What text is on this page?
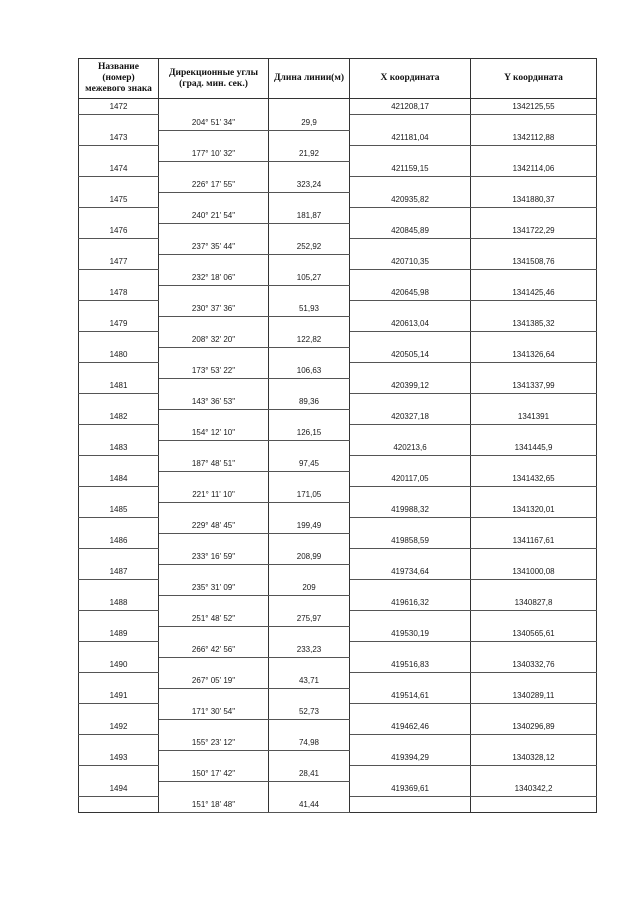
Название (номер) межевого знака	Дирекционные углы (град. мин. сек.)	Длина линии(м)	X координата	Y координата
1472			421208,17	1342125,55
	204° 51' 34"	29,9		
1473			421181,04	1342112,88
	177° 10' 32"	21,92		
1474			421159,15	1342114,06
	226° 17' 55"	323,24		
1475			420935,82	1341880,37
	240° 21' 54"	181,87		
1476			420845,89	1341722,29
	237° 35' 44"	252,92		
1477			420710,35	1341508,76
	232° 18' 06"	105,27		
1478			420645,98	1341425,46
	230° 37' 36"	51,93		
1479			420613,04	1341385,32
	208° 32' 20"	122,82		
1480			420505,14	1341326,64
	173° 53' 22"	106,63		
1481			420399,12	1341337,99
	143° 36' 53"	89,36		
1482			420327,18	1341391
	154° 12' 10"	126,15		
1483			420213,6	1341445,9
	187° 48' 51"	97,45		
1484			420117,05	1341432,65
	221° 11' 10"	171,05		
1485			419988,32	1341320,01
	229° 48' 45"	199,49		
1486			419858,59	1341167,61
	233° 16' 59"	208,99		
1487			419734,64	1341000,08
	235° 31' 09"	209		
1488			419616,32	1340827,8
	251° 48' 52"	275,97		
1489			419530,19	1340565,61
	266° 42' 56"	233,23		
1490			419516,83	1340332,76
	267° 05' 19"	43,71		
1491			419514,61	1340289,11
	171° 30' 54"	52,73		
1492			419462,46	1340296,89
	155° 23' 12"	74,98		
1493			419394,29	1340328,12
	150° 17' 42"	28,41		
1494			419369,61	1340342,2
	151° 18' 48"	41,44		
